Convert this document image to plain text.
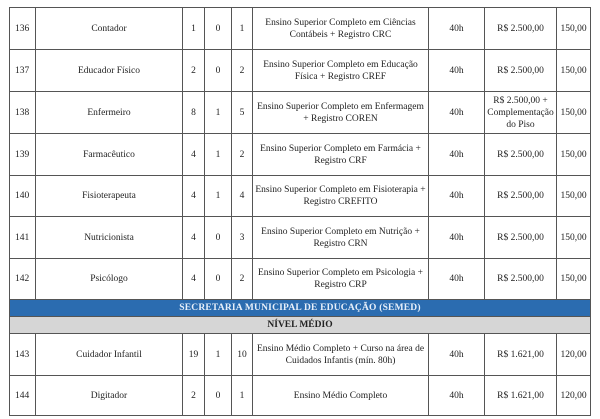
136	Contador	1	0	1	Ensino Superior Completo em Ciências Contábeis + Registro CRC	40h	R$ 2.500,00	150,00
137	Educador Físico	2	0	2	Ensino Superior Completo em Educação Física + Registro CREF	40h	R$ 2.500,00	150,00
138	Enfermeiro	8	1	5	Ensino Superior Completo em Enfermagem + Registro COREN	40h	R$ 2.500,00 + Complementação do Piso	150,00
139	Farmacêutico	4	1	2	Ensino Superior Completo em Farmácia + Registro CRF	40h	R$ 2.500,00	150,00
140	Fisioterapeuta	4	1	4	Ensino Superior Completo em Fisioterapia + Registro CREFITO	40h	R$ 2.500,00	150,00
141	Nutricionista	4	0	3	Ensino Superior Completo em Nutrição + Registro CRN	40h	R$ 2.500,00	150,00
142	Psicólogo	4	0	2	Ensino Superior Completo em Psicologia + Registro CRP	40h	R$ 2.500,00	150,00
SECRETARIA MUNICIPAL DE EDUCAÇÃO (SEMED)								
NÍVEL MÉDIO								
143	Cuidador Infantil	19	1	10	Ensino Médio Completo + Curso na área de Cuidados Infantis (mín. 80h)	40h	R$ 1.621,00	120,00
144	Digitador	2	0	1	Ensino Médio Completo	40h	R$ 1.621,00	120,00
